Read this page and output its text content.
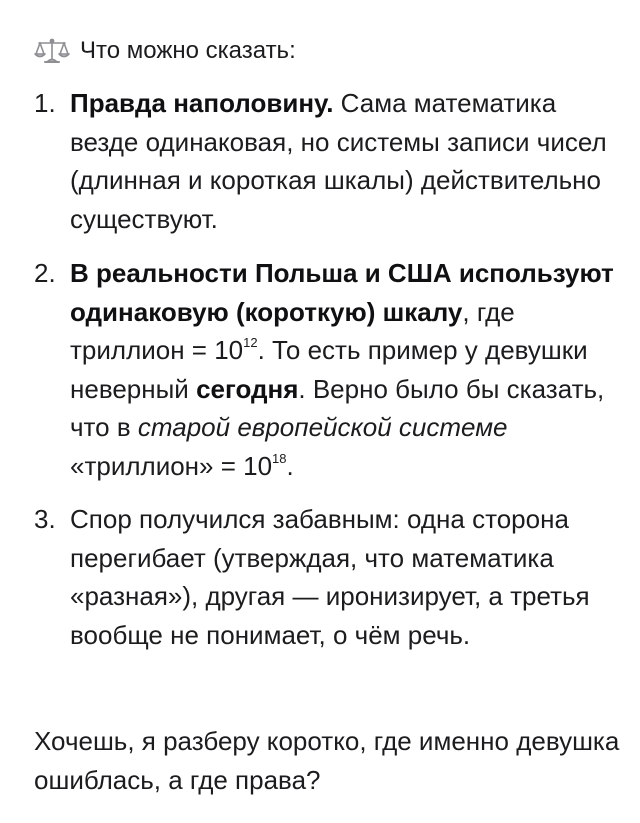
Что можно сказать:
1. Правда наполовину. Сама математика везде одинаковая, но системы записи чисел (длинная и короткая шкалы) действительно существуют.
2. В реальности Польша и США используют одинаковую (короткую) шкалу, где триллион = $10^{12}$. То есть пример у девушки неверный сегодня. Верно было бы сказать, что в старой европейской системе «триллион» = $10^{18}$.
3. Спор получился забавным: одна сторона перегибает (утверждая, что математика «разная»), другая — иронизирует, а третья вообще не понимает, о чём речь.
Хочешь, я разберу коротко, где именно девушка ошиблась, а где права?
